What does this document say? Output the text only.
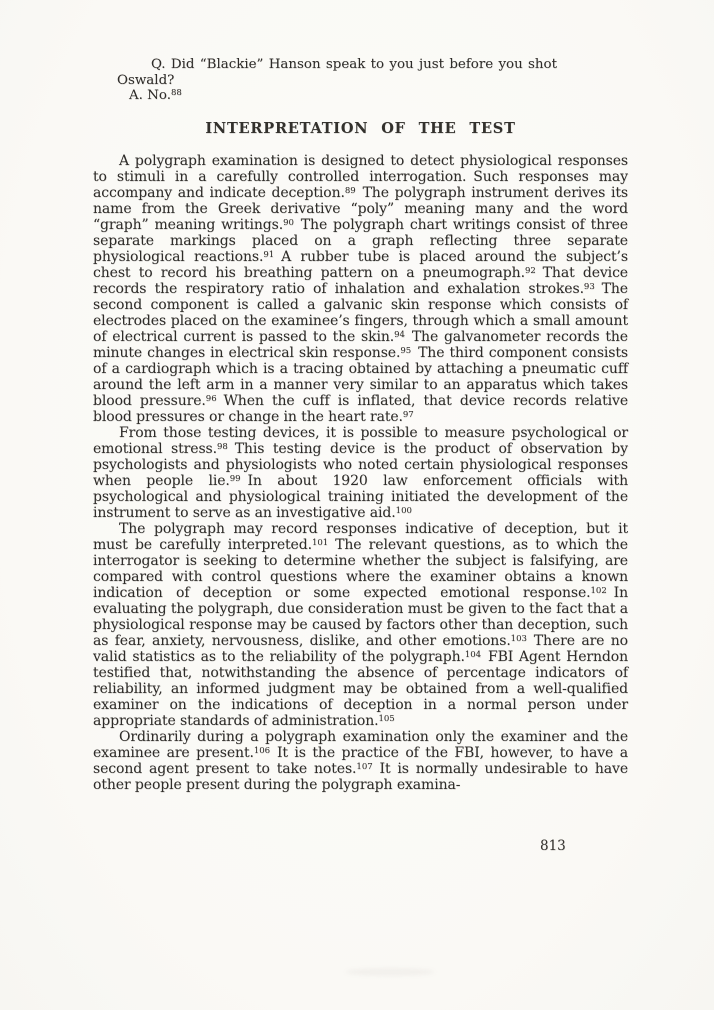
Q. Did “Blackie” Hanson speak to you just before you shot Oswald?

A. No.$^{88}$

INTERPRETATION OF THE TEST

A polygraph examination is designed to detect physiological responses to stimuli in a carefully controlled interrogation. Such responses may accompany and indicate deception.$^{89}$ The polygraph instrument derives its name from the Greek derivative “poly” meaning many and the word “graph” meaning writings.$^{90}$ The polygraph chart writings consist of three separate markings placed on a graph reflecting three separate physiological reactions.$^{91}$ A rubber tube is placed around the subject’s chest to record his breathing pattern on a pneumograph.$^{92}$ That device records the respiratory ratio of inhalation and exhalation strokes.$^{93}$ The second component is called a galvanic skin response which consists of electrodes placed on the examinee’s fingers, through which a small amount of electrical current is passed to the skin.$^{94}$ The galvanometer records the minute changes in electrical skin response.$^{95}$ The third component consists of a cardiograph which is a tracing obtained by attaching a pneumatic cuff around the left arm in a manner very similar to an apparatus which takes blood pressure.$^{96}$ When the cuff is inflated, that device records relative blood pressures or change in the heart rate.$^{97}$

From those testing devices, it is possible to measure psychological or emotional stress.$^{98}$ This testing device is the product of observation by psychologists and physiologists who noted certain physiological responses when people lie.$^{99}$ In about 1920 law enforcement officials with psychological and physiological training initiated the development of the instrument to serve as an investigative aid.$^{100}$

The polygraph may record responses indicative of deception, but it must be carefully interpreted.$^{101}$ The relevant questions, as to which the interrogator is seeking to determine whether the subject is falsifying, are compared with control questions where the examiner obtains a known indication of deception or some expected emotional response.$^{102}$ In evaluating the polygraph, due consideration must be given to the fact that a physiological response may be caused by factors other than deception, such as fear, anxiety, nervousness, dislike, and other emotions.$^{103}$ There are no valid statistics as to the reliability of the polygraph.$^{104}$ FBI Agent Herndon testified that, notwithstanding the absence of percentage indicators of reliability, an informed judgment may be obtained from a well-qualified examiner on the indications of deception in a normal person under appropriate standards of administration.$^{105}$

Ordinarily during a polygraph examination only the examiner and the examinee are present.$^{106}$ It is the practice of the FBI, however, to have a second agent present to take notes.$^{107}$ It is normally undesirable to have other people present during the polygraph examina-

813
